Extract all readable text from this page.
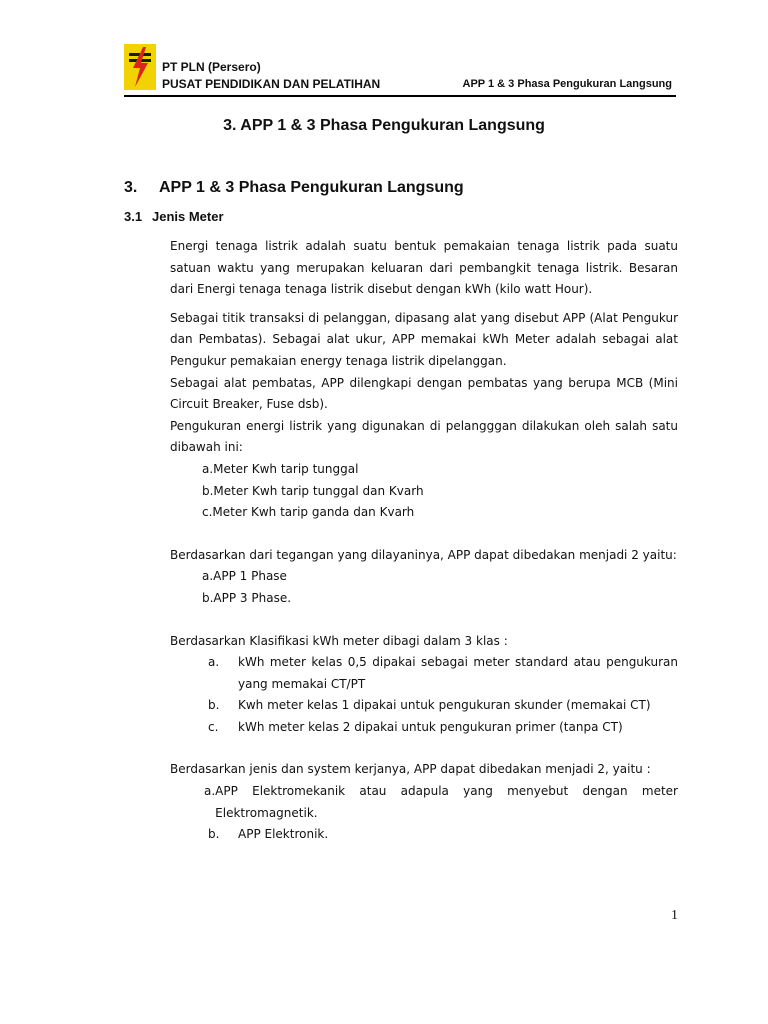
PT PLN (Persero)
PUSAT PENDIDIKAN DAN PELATIHAN	APP 1 & 3 Phasa Pengukuran Langsung
3. APP 1 & 3 Phasa Pengukuran Langsung
3. APP 1 & 3 Phasa Pengukuran Langsung
3.1 Jenis Meter

Energi tenaga listrik adalah suatu bentuk pemakaian tenaga listrik pada suatu satuan waktu yang merupakan keluaran dari pembangkit tenaga listrik. Besaran dari Energi tenaga tenaga listrik disebut dengan kWh (kilo watt Hour).

Sebagai titik transaksi di pelanggan, dipasang alat yang disebut APP (Alat Pengukur dan Pembatas). Sebagai alat ukur, APP memakai kWh Meter adalah sebagai alat Pengukur pemakaian energy tenaga listrik dipelanggan.

Sebagai alat pembatas, APP dilengkapi dengan pembatas yang berupa MCB (Mini Circuit Breaker, Fuse dsb).

Pengukuran energi listrik yang digunakan di pelangggan dilakukan oleh salah satu dibawah ini:

a.Meter Kwh tarip tunggal
b.Meter Kwh tarip tunggal dan Kvarh
c.Meter Kwh tarip ganda dan Kvarh

Berdasarkan dari tegangan yang dilayaninya, APP dapat dibedakan menjadi 2 yaitu:

a.APP 1 Phase
b.APP 3 Phase.

Berdasarkan Klasifikasi kWh meter dibagi dalam 3 klas :

a.	kWh meter kelas 0,5 dipakai sebagai meter standard atau pengukuran yang memakai CT/PT
b.	Kwh meter kelas 1 dipakai untuk pengukuran skunder (memakai CT)
c.	kWh meter kelas 2 dipakai untuk pengukuran primer (tanpa CT)

Berdasarkan jenis dan system kerjanya, APP dapat dibedakan menjadi 2, yaitu :

a. APP Elektromekanik atau adapula yang menyebut dengan meter Elektromagnetik.
b.	APP Elektronik.
1
